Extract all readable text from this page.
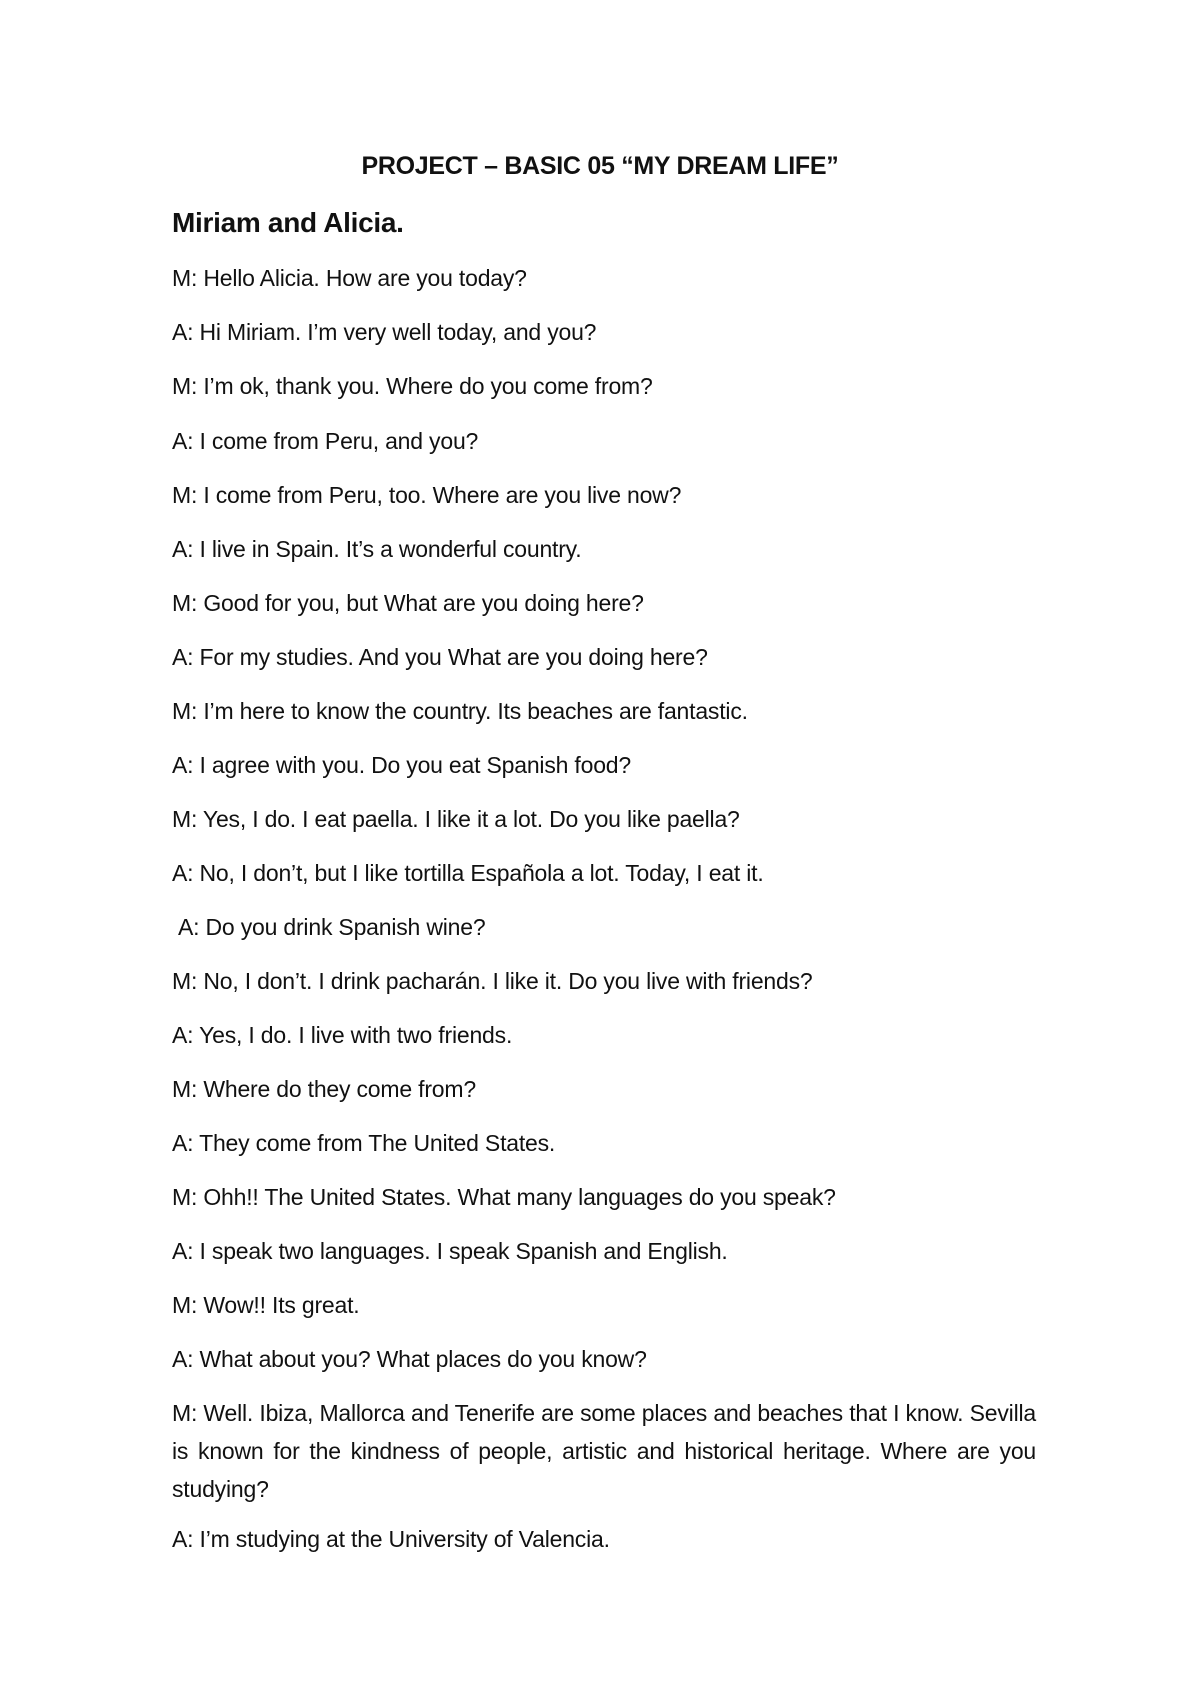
PROJECT – BASIC 05 “MY DREAM LIFE”
Miriam and Alicia.
M: Hello Alicia. How are you today?
A: Hi Miriam. I’m very well today, and you?
M: I’m ok, thank you. Where do you come from?
A: I come from Peru, and you?
M: I come from Peru, too. Where are you live now?
A: I live in Spain. It’s a wonderful country.
M: Good for you, but What are you doing here?
A: For my studies. And you What are you doing here?
M: I’m here to know the country. Its beaches are fantastic.
A: I agree with you. Do you eat Spanish food?
M: Yes, I do. I eat paella. I like it a lot. Do you like paella?
A: No, I don’t, but I like tortilla Española a lot. Today, I eat it.
A: Do you drink Spanish wine?
M: No, I don’t. I drink pacharán. I like it. Do you live with friends?
A: Yes, I do. I live with two friends.
M: Where do they come from?
A: They come from The United States.
M: Ohh!! The United States. What many languages do you speak?
A: I speak two languages. I speak Spanish and English.
M: Wow!! Its great.
A: What about you? What places do you know?
M: Well. Ibiza, Mallorca and Tenerife are some places and beaches that I know. Sevilla is known for the kindness of people, artistic and historical heritage. Where are you studying?
A: I’m studying at the University of Valencia.
